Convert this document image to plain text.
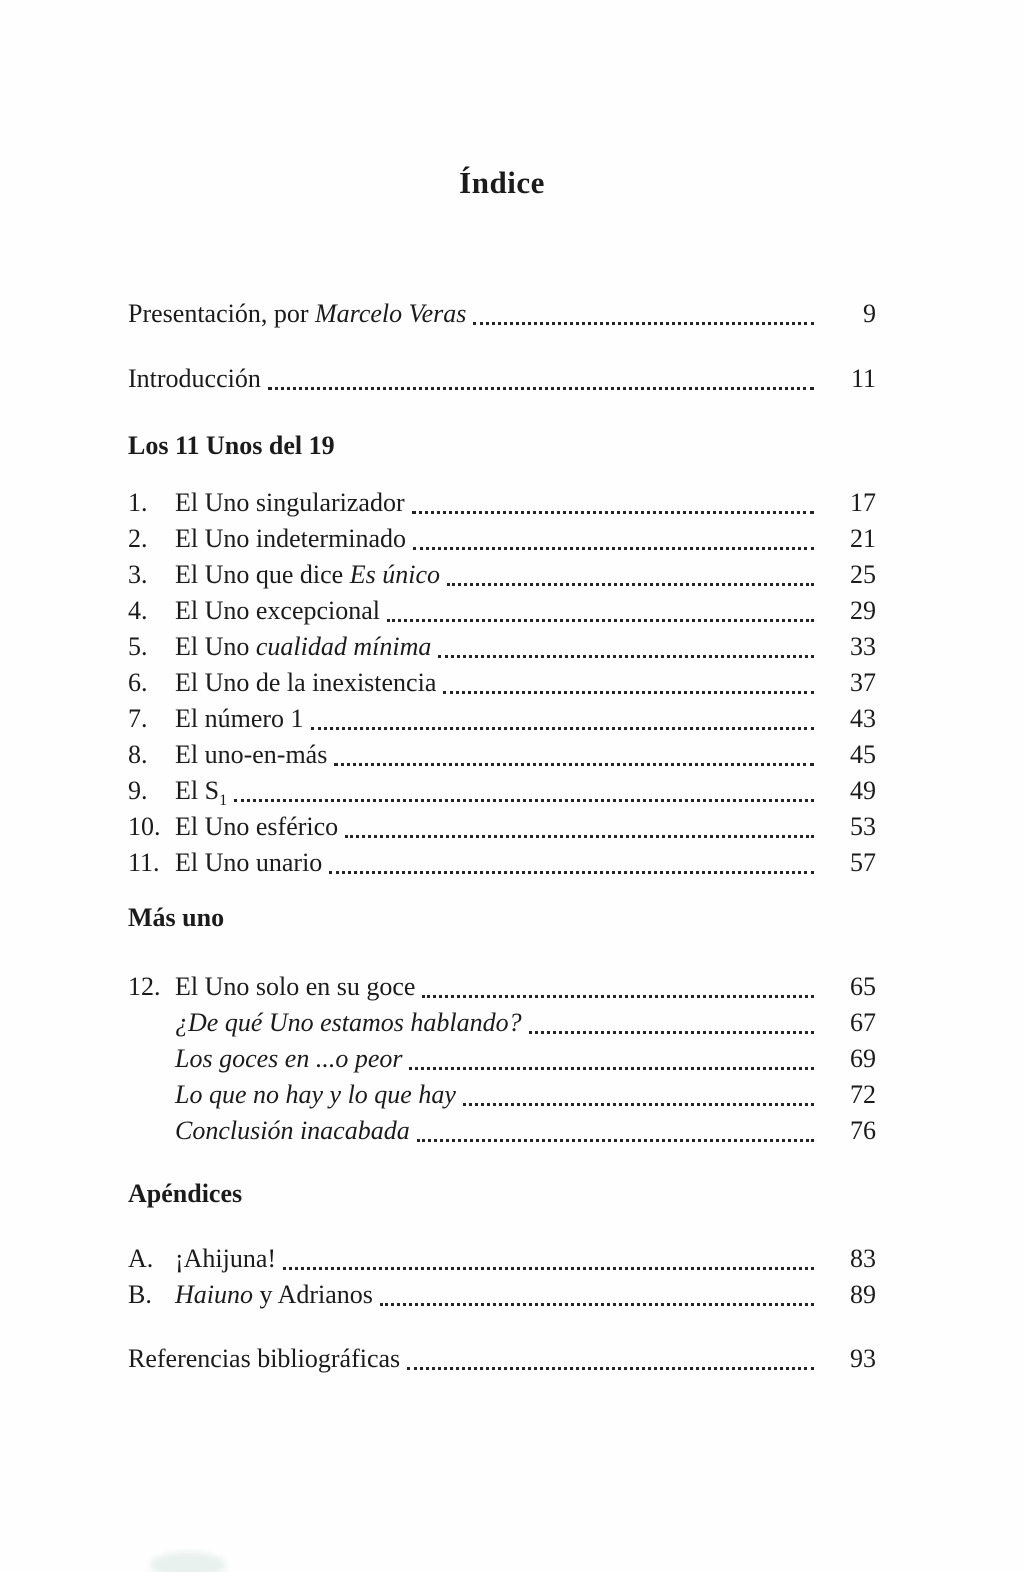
Índice
Presentación, por Marcelo Veras	9
Introducción	11
Los 11 Unos del 19
1.	El Uno singularizador	17
2.	El Uno indeterminado	21
3.	El Uno que dice Es único	25
4.	El Uno excepcional	29
5.	El Uno cualidad mínima	33
6.	El Uno de la inexistencia	37
7.	El número 1	43
8.	El uno-en-más	45
9.	El $S_1$	49
10. El Uno esférico	53
11. El Uno unario	57
Más uno
12. El Uno solo en su goce	65
¿De qué Uno estamos hablando?	67
Los goces en ...o peor	69
Lo que no hay y lo que hay	72
Conclusión inacabada	76
Apéndices
A. ¡Ahijuna!	83
B. Haiuno y Adrianos	89
Referencias bibliográficas	93
